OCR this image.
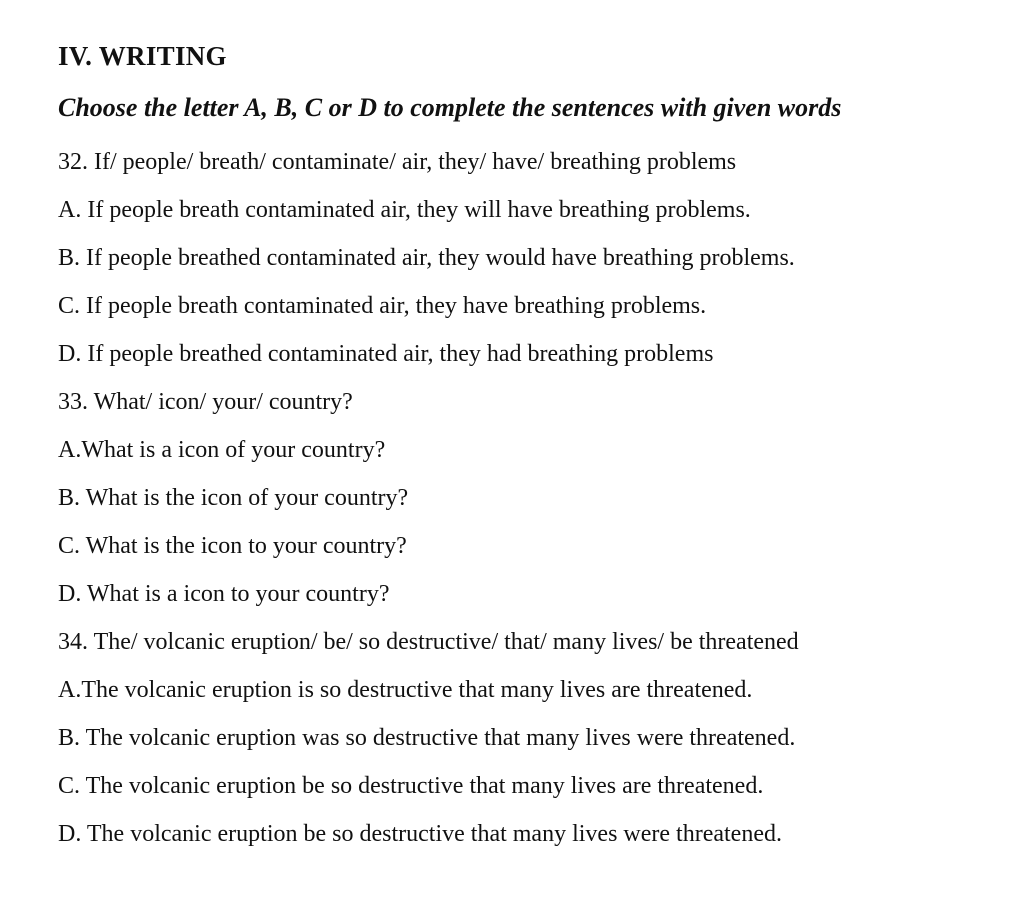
IV. WRITING
Choose the letter A, B, C or D to complete the sentences with given words
32. If/ people/ breath/ contaminate/ air, they/ have/ breathing problems
A. If people breath contaminated air, they will have breathing problems.
B. If people breathed contaminated air, they would have breathing problems.
C. If people breath contaminated air, they have breathing problems.
D. If people breathed contaminated air, they had breathing problems
33. What/ icon/ your/ country?
A.What is a icon of your country?
B. What is the icon of your country?
C. What is the icon to your country?
D. What is a icon to your country?
34. The/ volcanic eruption/ be/ so destructive/ that/ many lives/ be threatened
A.The volcanic eruption is so destructive that many lives are threatened.
B. The volcanic eruption was so destructive that many lives were threatened.
C. The volcanic eruption be so destructive that many lives are threatened.
D. The volcanic eruption be so destructive that many lives were threatened.
